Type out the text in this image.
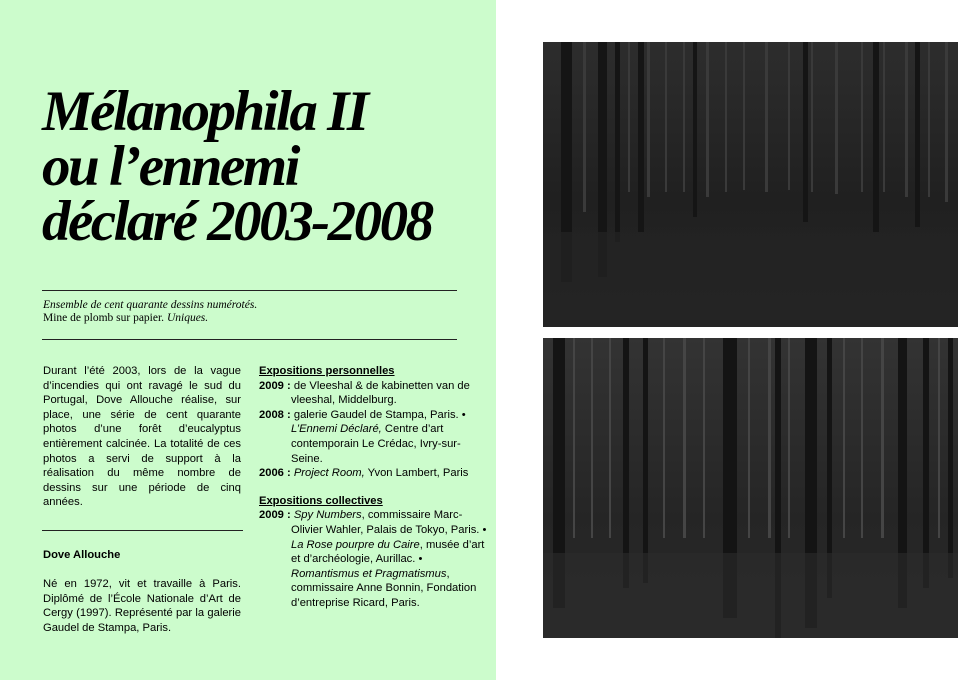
Mélanophila II
ou l’ennemi
déclaré 2003-2008
Ensemble de cent quarante dessins numérotés.
Mine de plomb sur papier. Uniques.

Durant l’été 2003, lors de la vague d’incendies qui ont ravagé le sud du Portugal, Dove Allouche réalise, sur place, une série de cent quarante photos d’une forêt d’eucalyptus entièrement calcinée. La totalité de ces photos a servi de support à la réalisation du même nombre de dessins sur une période de cinq années.

Dove Allouche

Né en 1972, vit et travaille à Paris. Diplômé de l’École Nationale d’Art de Cergy (1997). Représenté par la galerie Gaudel de Stampa, Paris.

Expositions personnelles
2009 : de Vleeshal & de kabinetten van de vleeshal, Middelburg.
2008 : galerie Gaudel de Stampa, Paris. • L’Ennemi Déclaré, Centre d’art contemporain Le Crédac, Ivry-sur-Seine.
2006 : Project Room, Yvon Lambert, Paris
Expositions collectives
2009 : Spy Numbers, commissaire Marc-Olivier Wahler, Palais de Tokyo, Paris. • La Rose pourpre du Caire, musée d’art et d’archéologie, Aurillac. • Romantismus et Pragmatismus, commissaire Anne Bonnin, Fondation d’entreprise Ricard, Paris.
